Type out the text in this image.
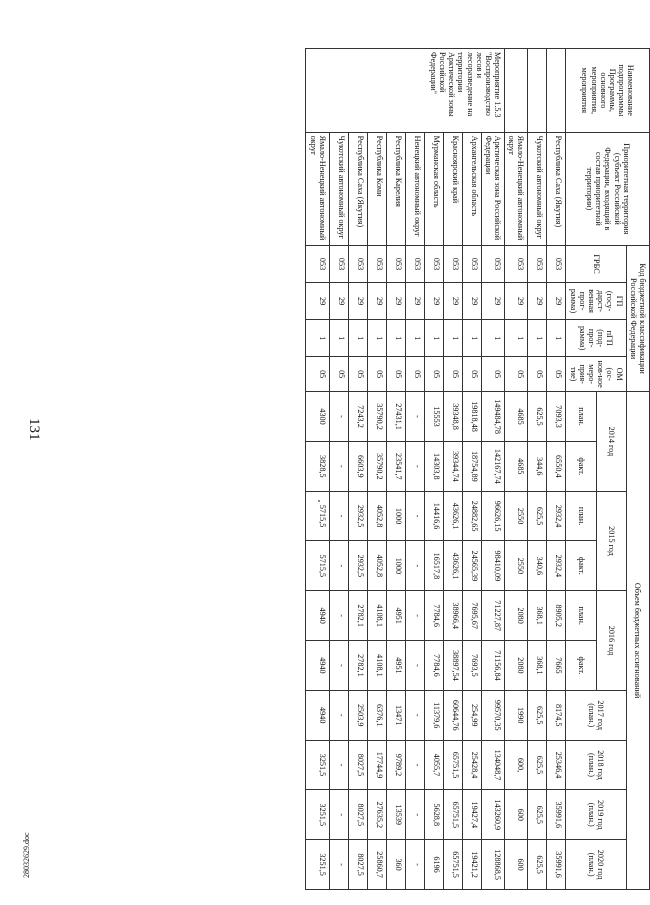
131
28032629.doc
Наименование подпрограммы Программы, основного мероприятия, мероприятия	Приоритетная территория (субъект Российской Федерации, входящий в состав приоритетной территории)	Код бюджетной классификации Российской Федерации				Объем бюджетных ассигнований									
		ГРБС	ГП (госу-дарст-венная прог-рамма)	пГП (под-прог-рамма)	ОМ (ос-нов-ное меро-прия-тие)	2014 год		2015 год		2016 год		2017 год (план.)	2018 год (план.)	2019 год (план.)	2020 год (план.)
						план.	факт.	план.	факт.	план.	факт.				
	Республика Саха (Якутия)	053	29	1	05	7093,3	6550,4	2932,4	2932,4	8905,2	7665	8174,5	25346,4	35991,6	35991,6
	Чукотский автономный округ	053	29	1	05	625,5	344,6	625,5	340,6	368,1	368,1	625,5	625,5	625,5	625,5
	Ямало-Ненецкий автономный округ	053	29	1	05	4685	4685	2550	2550	2080	2080	1990	600,	600	600
Мероприятие 1.5.3 "Воспроизводство лесов и лесоразведение на территории Арктической зоны Российской Федерации"	Арктическая зона Российской Федерации	053	29	1	05	149484,78	142167,74	96626,15	98410,09	71227,87	71156,84	99570,35	134048,7	143260,9	128868,5
	Архангельская область	053	29	1	05	19818,48	18754,89	24882,65	24565,39	7695,67	7693,5	254,99	25428,4	19427,4	19421,2
	Красноярский край	053	29	1	05	39348,8	39344,74	43626,1	43626,1	38966,4	38897,54	60644,76	65751,5	65751,5	65751,5
	Мурманская область	053	29	1	05	15553	14303,8	14416,6	16517,8	7784,6	7784,6	11379,6	4055,7	5628,8	6196
	Ненецкий автономный округ	053	29	1	05	-	-	-	-	-	-	-	-	-	-
	Республика Карелия	053	29	1	05	27431,1	23541,7	1000	1000	4951	4951	13471	9789,2	13539	360
	Республика Коми	053	29	1	05	35790,2	35790,2	4052,8	4052,8	4108,1	4108,1	6376,1	17744,9	27635,2	25860,7
	Республика Саха (Якутия)	053	29	1	05	7243,2	6603,9	2932,5	2932,5	2782,1	2782,1	2503,9	8027,5	8027,5	8027,5
	Чукотский автономный округ	053	29	1	05	-	-	-	-	-	-	-	-	-	-
	Ямало-Ненецкий автономный округ	053	29	1	05	4300	3828,5	5715,5	5715,5	4940	4940	4940	3251,5	3251,5	3251,5
